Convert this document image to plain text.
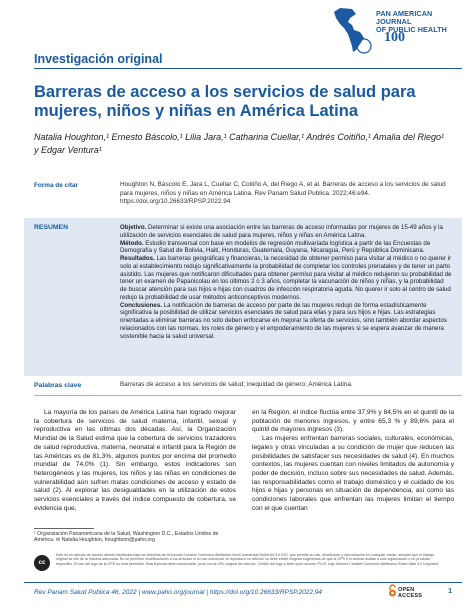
PAN AMERICAN JOURNAL
OF PUBLIC HEALTH
100
Investigación original
Barreras de acceso a los servicios de salud para mujeres, niños y niñas en América Latina
Natalia Houghton,¹ Ernesto Báscolo,¹ Lilia Jara,¹ Catharina Cuellar,¹ Andrés Coitiño,¹ Amalia del Riego¹ y Edgar Ventura¹
Forma de citar	Houghton N, Báscolo E, Jara L, Cuellar C, Coitiño A, del Riego A, et al. Barreras de acceso a los servicios de salud para mujeres, niños y niñas en América Latina. Rev Panam Salud Publica. 2022;46:e94. https://doi.org/10.26633/RPSP.2022.94
RESUMEN	Objetivo. Determinar si existe una asociación entre las barreras de acceso informadas por mujeres de 15-49 años y la utilización de servicios esenciales de salud para mujeres, niños y niñas en América Latina.

Método. Estudio transversal con base en modelos de regresión multivariada logística a partir de las Encuestas de Demografía y Salud de Bolivia, Haití, Honduras, Guatemala, Guyana, Nicaragua, Perú y República Dominicana.

Resultados. Las barreras geográficas y financieras, la necesidad de obtener permiso para visitar al médico o no querer ir solo al establecimiento redujo significativamente la probabilidad de completar los controles prenatales y de tener un parto asistido. Las mujeres que notificaron dificultades para obtener permiso para visitar al médico redujeron su probabilidad de tener un examen de Papanicolau en los últimos 2 o 3 años, completar la vacunación de niños y niñas, y la probabilidad de buscar atención para sus hijos e hijas con cuadros de infección respiratoria aguda. No querer ir solo al centro de salud redujo la probabilidad de usar métodos anticonceptivos modernos.

Conclusiones. La notificación de barreras de acceso por parte de las mujeres redujo de forma estadísticamente significativa la posibilidad de utilizar servicios esenciales de salud para ellas y para sus hijos e hijas. Las estrategias orientadas a eliminar barreras no solo deben enfocarse en mejorar la oferta de servicios, sino también abordar aspectos relacionados con las normas, los roles de género y el empoderamiento de las mujeres si se espera avanzar de manera sostenible hacia la salud universal.

Palabras clave	Barreras de acceso a los servicios de salud; inequidad de género; América Latina.

La mayoría de los países de América Latina han logrado mejorar la cobertura de servicios de salud materna, infantil, sexual y reproductiva en las últimas dos décadas. Así, la Organización Mundial de la Salud estima que la cobertura de servicios trazadores de salud reproductiva, materna, neonatal e infantil para la Región de las Américas es de 81,3%, algunos puntos por encima del promedio mundial de 74,0% (1). Sin embargo, estos indicadores son heterogéneos y las mujeres, los niños y las niñas en condiciones de vulnerabilidad aún sufren malas condiciones de acceso y estado de salud (2). Al explorar las desigualdades en la utilización de estos servicios esenciales a través del índice compuesto de cobertura, se evidencia que,

en la Región, el índice fluctúa entre 37,9% y 84,5% en el quintil de la población de menores ingresos, y entre 65,3 % y 89,6% para el quintil de mayores ingresos (3).

Las mujeres enfrentan barreras sociales, culturales, económicas, legales y otras vinculadas a su condición de mujer que reducen las posibilidades de satisfacer sus necesidades de salud (4). En muchos contextos, las mujeres cuentan con niveles limitados de autonomía y poder de decisión, incluso sobre sus necesidades de salud. Además, las responsabilidades como el trabajo doméstico y el cuidado de los hijos e hijas y personas en situación de dependencia, así como las condiciones laborales que enfrentan las mujeres limitan el tiempo con el que cuentan

¹ Organización Panamericana de la Salud, Washington D.C., Estados Unidos de América. ✉ Natalia Houghton, houghtonn@paho.org
cc
Este es un artículo de acceso abierto distribuido bajo los términos de la licencia Creative Commons Attribution-NonCommercial-NoDerivs 3.0 IGO, que permite su uso, distribución y reproducción en cualquier medio, siempre que el trabajo original se cite de la manera adecuada. No se permiten modificaciones a los artículos ni su uso comercial. Al reproducir un artículo no debe existir ninguna sugerencia de que la OPS o el artículo avalan a una organización o un producto específico. El uso del logo de la OPS no está permitido. Esta leyenda debe conservarse, junto con la URL original del artículo. Crédito del logo y texto open access: PLoS, bajo licencia Creative Commons Attribution-Share Alike 3.0 Unported.
Rev Panam Salud Publica 46, 2022 | www.paho.org/journal | https://doi.org/10.26633/RPSP.2022.94	OPEN ACCESS
1
